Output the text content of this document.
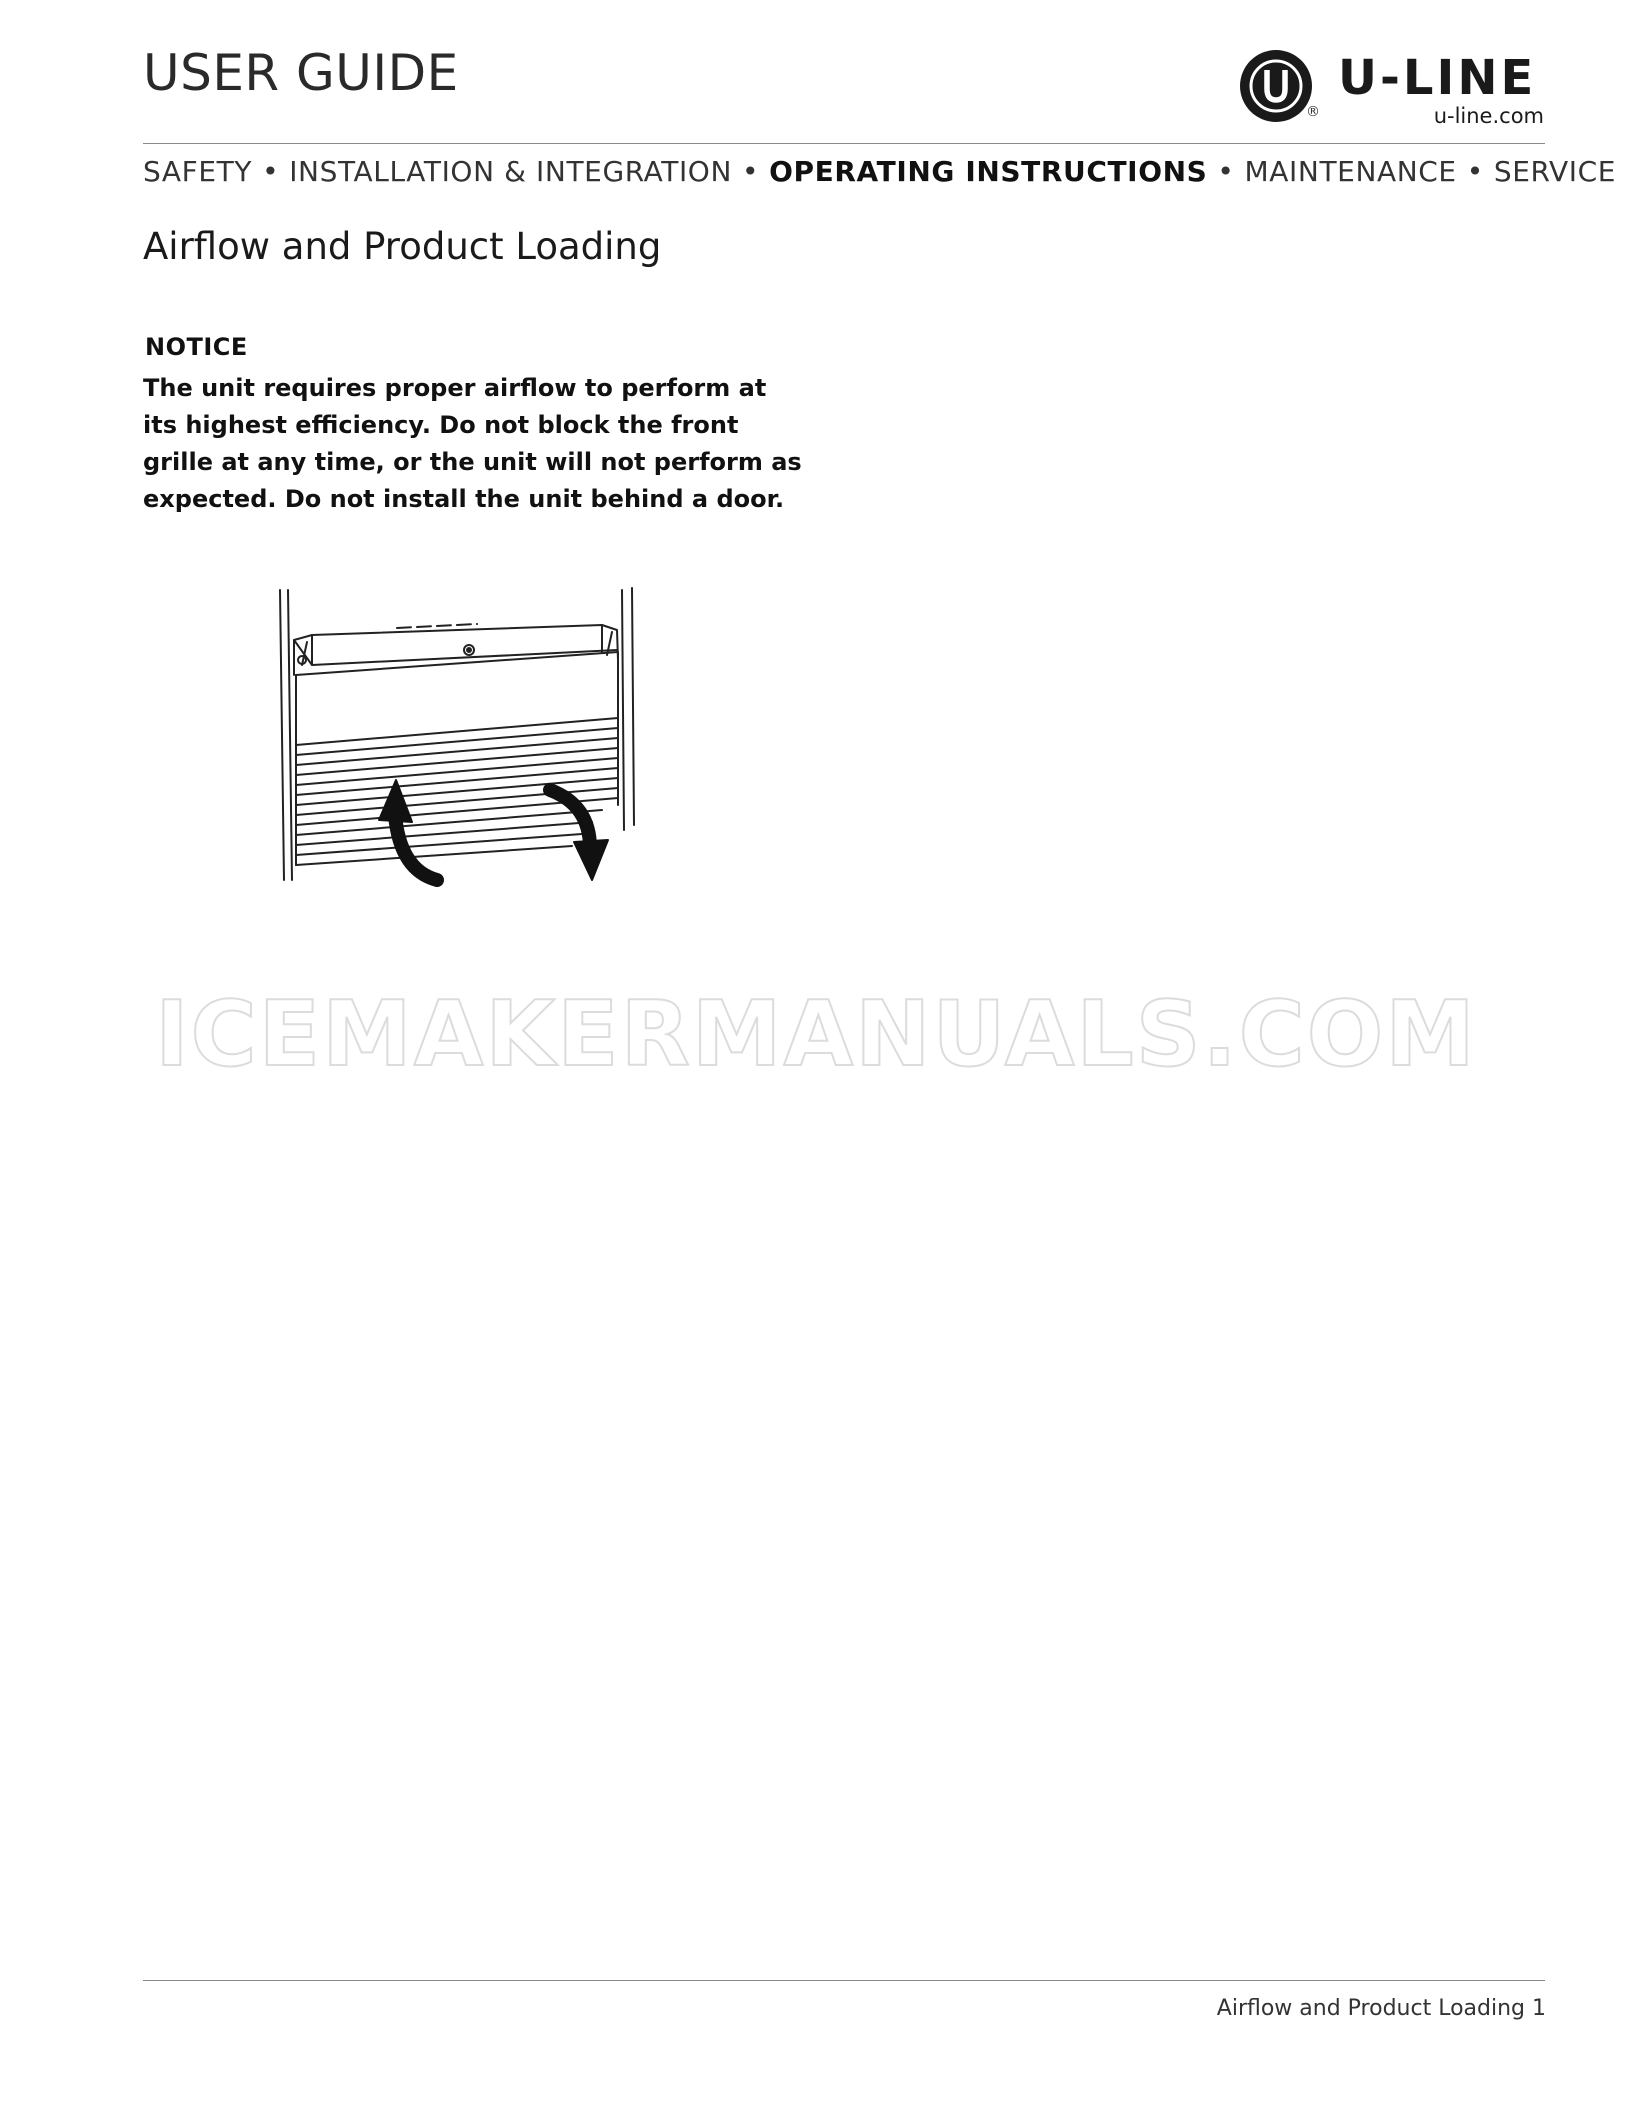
USER GUIDE
®
U-LINE
u-line.com
SAFETY • INSTALLATION & INTEGRATION • OPERATING INSTRUCTIONS • MAINTENANCE • SERVICE
Airflow and Product Loading
NOTICE
The unit requires proper airflow to perform at its highest efficiency. Do not block the front grille at any time, or the unit will not perform as expected. Do not install the unit behind a door.
ICEMAKERMANUALS.COM
Airflow and Product Loading 1
